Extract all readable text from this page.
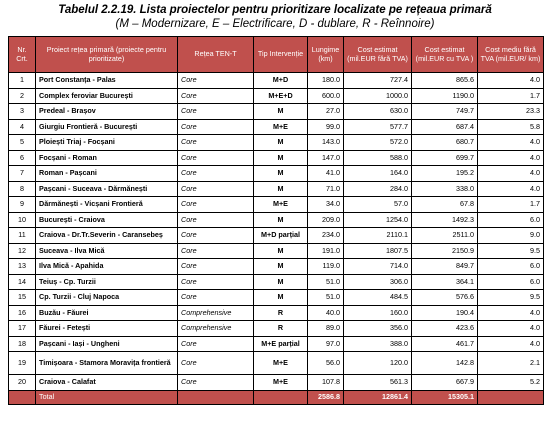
Tabelul 2.2.19. Lista proiectelor pentru prioritizare localizate pe rețeaua primară
(M – Modernizare, E – Electrificare, D - dublare, R - Reînnoire)
Nr. Crt.	Proiect rețea primară (proiecte pentru prioritizate)	Rețea TEN-T	Tip Intervenție	Lungime (km)	Cost estimat (mil.EUR fără TVA)	Cost estimat (mil.EUR cu TVA )	Cost mediu fără TVA (mil.EUR/ km)
1	Port Constanța - Palas	Core	M+D	180.0	727.4	865.6	4.0
2	Complex feroviar București	Core	M+E+D	600.0	1000.0	1190.0	1.7
3	Predeal - Brașov	Core	M	27.0	630.0	749.7	23.3
4	Giurgiu Frontieră - București	Core	M+E	99.0	577.7	687.4	5.8
5	Ploiești Triaj - Focșani	Core	M	143.0	572.0	680.7	4.0
6	Focșani - Roman	Core	M	147.0	588.0	699.7	4.0
7	Roman - Pașcani	Core	M	41.0	164.0	195.2	4.0
8	Pașcani - Suceava - Dărmănești	Core	M	71.0	284.0	338.0	4.0
9	Dărmănești - Vicșani Frontieră	Core	M+E	34.0	57.0	67.8	1.7
10	București - Craiova	Core	M	209.0	1254.0	1492.3	6.0
11	Craiova - Dr.Tr.Severin - Caransebeș	Core	M+D parțial	234.0	2110.1	2511.0	9.0
12	Suceava - Ilva Mică	Core	M	191.0	1807.5	2150.9	9.5
13	Ilva Mică - Apahida	Core	M	119.0	714.0	849.7	6.0
14	Teiuș - Cp. Turzii	Core	M	51.0	306.0	364.1	6.0
15	Cp. Turzii - Cluj Napoca	Core	M	51.0	484.5	576.6	9.5
16	Buzău - Făurei	Comprehensive	R	40.0	160.0	190.4	4.0
17	Făurei - Fetești	Comprehensive	R	89.0	356.0	423.6	4.0
18	Pașcani - Iași - Ungheni	Core	M+E parțial	97.0	388.0	461.7	4.0
19	Timișoara - Stamora Moravița frontieră	Core	M+E	56.0	120.0	142.8	2.1
20	Craiova - Calafat	Core	M+E	107.8	561.3	667.9	5.2
	Total			2586.8	12861.4	15305.1	
